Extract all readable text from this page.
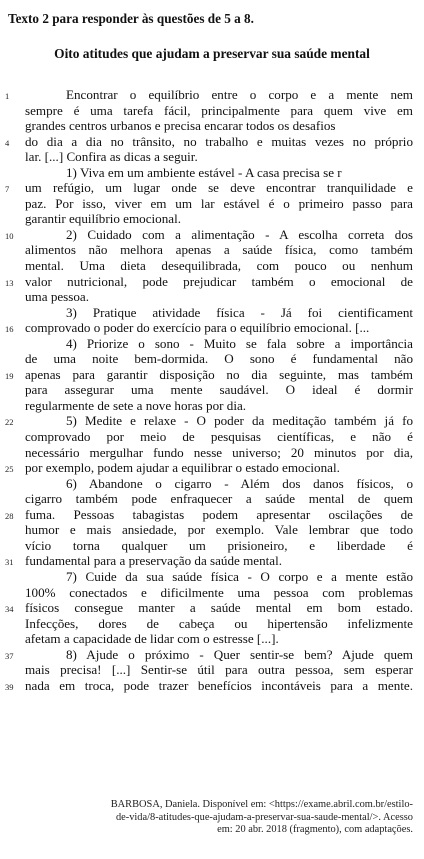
Texto 2 para responder às questões de 5 a 8.
Oito atitudes que ajudam a preservar sua saúde mental
1	Encontrar o equilíbrio entre o corpo e a mente nem
sempre é uma tarefa fácil, principalmente para quem vive em
grandes centros urbanos e precisa encarar todos os desafios
4	do dia a dia no trânsito, no trabalho e muitas vezes no próprio
lar. [...] Confira as dicas a seguir.
1) Viva em um ambiente estável - A casa precisa se r
7	um refúgio, um lugar onde se deve encontrar tranquilidade e
paz. Por isso, viver em um lar estável é o primeiro passo para
garantir equilíbrio emocional.
10	2) Cuidado com a alimentação - A escolha correta dos
alimentos não melhora apenas a saúde física, como também
mental. Uma dieta desequilibrada, com pouco ou nenhum
13 valor nutricional, pode prejudicar também o emocional de
uma pessoa.
3) Pratique atividade física - Já foi cientificament
16 comprovado o poder do exercício para o equilíbrio emocional. [...
4) Priorize o sono - Muito se fala sobre a importância
de uma noite bem-dormida. O sono é fundamental não
19 apenas para garantir disposição no dia seguinte, mas também
para assegurar uma mente saudável. O ideal é dormir
regularmente de sete a nove horas por dia.
22	5) Medite e relaxe - O poder da meditação também já fo
comprovado por meio de pesquisas científicas, e não é
necessário mergulhar fundo nesse universo; 20 minutos por dia,
25 por exemplo, podem ajudar a equilibrar o estado emocional.
6) Abandone o cigarro - Além dos danos físicos, o
cigarro também pode enfraquecer a saúde mental de quem
28 fuma. Pessoas tabagistas podem apresentar oscilações de
humor e mais ansiedade, por exemplo. Vale lembrar que todo
vício torna qualquer um prisioneiro, e liberdade é
31 fundamental para a preservação da saúde mental.
7) Cuide da sua saúde física - O corpo e a mente estão
100% conectados e dificilmente uma pessoa com problemas
34 físicos consegue manter a saúde mental em bom estado.
Infecções, dores de cabeça ou hipertensão infelizmente
afetam a capacidade de lidar com o estresse [...].
37	8) Ajude o próximo - Quer sentir-se bem? Ajude quem
mais precisa! [...] Sentir-se útil para outra pessoa, sem esperar
39 nada em troca, pode trazer benefícios incontáveis para a mente.
BARBOSA, Daniela. Disponível em: <https://exame.abril.com.br/estilo-
de-vida/8-atitudes-que-ajudam-a-preservar-sua-saude-mental/>. Acesso
em: 20 abr. 2018 (fragmento), com adaptações.
